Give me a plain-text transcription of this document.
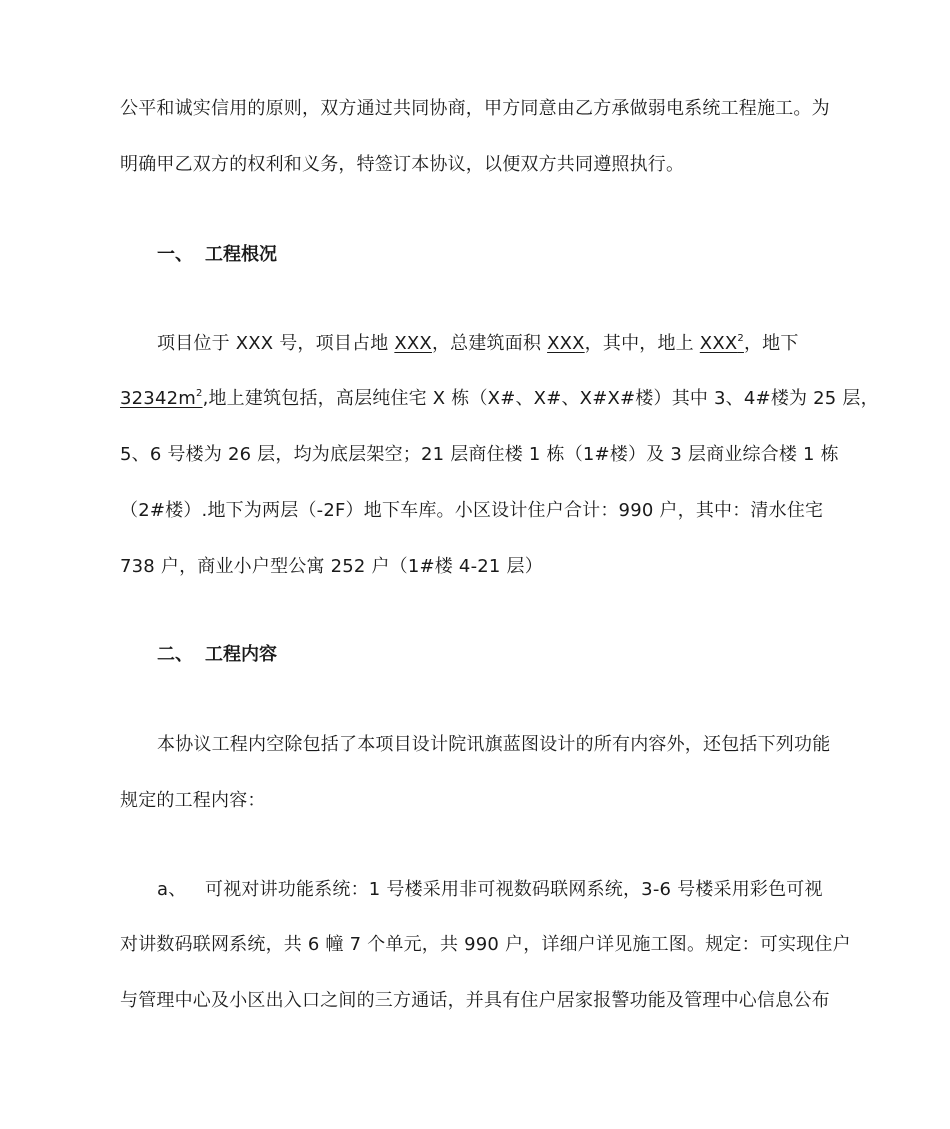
公平和诚实信用的原则，双方通过共同协商，甲方同意由乙方承做弱电系统工程施工。为
明确甲乙双方的权利和义务，特签订本协议，以便双方共同遵照执行。
一、 工程根况
项目位于 XXX 号，项目占地 XXX，总建筑面积 XXX，其中，地上 XXX$^2$，地下
$32342m^2$,地上建筑包括，高层纯住宅 X 栋（X#、X#、X#X#楼）其中 3、4#楼为 25 层，
5、6 号楼为 26 层，均为底层架空；21 层商住楼 1 栋（1#楼）及 3 层商业综合楼 1 栋
（2#楼）.地下为两层（-2F）地下车库。小区设计住户合计：990 户，其中：清水住宅
738 户，商业小户型公寓 252 户（1#楼 4-21 层）
二、 工程内容
本协议工程内空除包括了本项目设计院讯旗蓝图设计的所有内容外，还包括下列功能
规定的工程内容：
a、 可视对讲功能系统：1 号楼采用非可视数码联网系统，3-6 号楼采用彩色可视
对讲数码联网系统，共 6 幢 7 个单元，共 990 户，详细户详见施工图。规定：可实现住户
与管理中心及小区出入口之间的三方通话，并具有住户居家报警功能及管理中心信息公布
